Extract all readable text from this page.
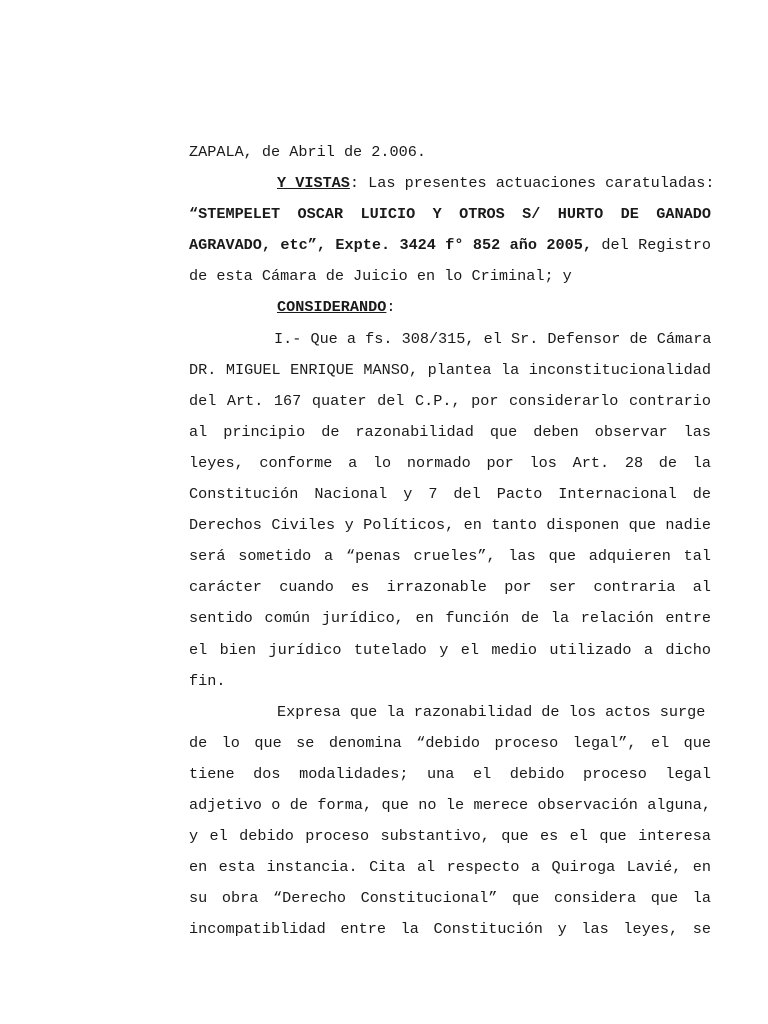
ZAPALA, de Abril de 2.006.
Y VISTAS: Las presentes actuaciones caratuladas:
“STEMPELET OSCAR LUICIO Y OTROS S/ HURTO DE GANADO
AGRAVADO, etc”, Expte. 3424 f° 852 año 2005, del Registro
de esta Cámara de Juicio en lo Criminal; y
CONSIDERANDO:
I.- Que a fs. 308/315, el Sr. Defensor de Cámara
DR. MIGUEL ENRIQUE MANSO, plantea la inconstitucionalidad
del Art. 167 quater del C.P., por considerarlo contrario
al principio de razonabilidad que deben observar las
leyes, conforme a lo normado por los Art. 28 de la
Constitución Nacional y 7 del Pacto Internacional de
Derechos Civiles y Políticos, en tanto disponen que nadie
será sometido a “penas crueles”, las que adquieren tal
carácter cuando es irrazonable por ser contraria al
sentido común jurídico, en función de la relación entre
el bien jurídico tutelado y el medio utilizado a dicho
fin.
Expresa que la razonabilidad de los actos surge
de lo que se denomina “debido proceso legal”, el que
tiene dos modalidades; una el debido proceso legal
adjetivo o de forma, que no le merece observación alguna,
y el debido proceso substantivo, que es el que interesa
en esta instancia. Cita al respecto a Quiroga Lavié, en
su obra “Derecho Constitucional” que considera que la
incompatiblidad entre la Constitución y las leyes, se
